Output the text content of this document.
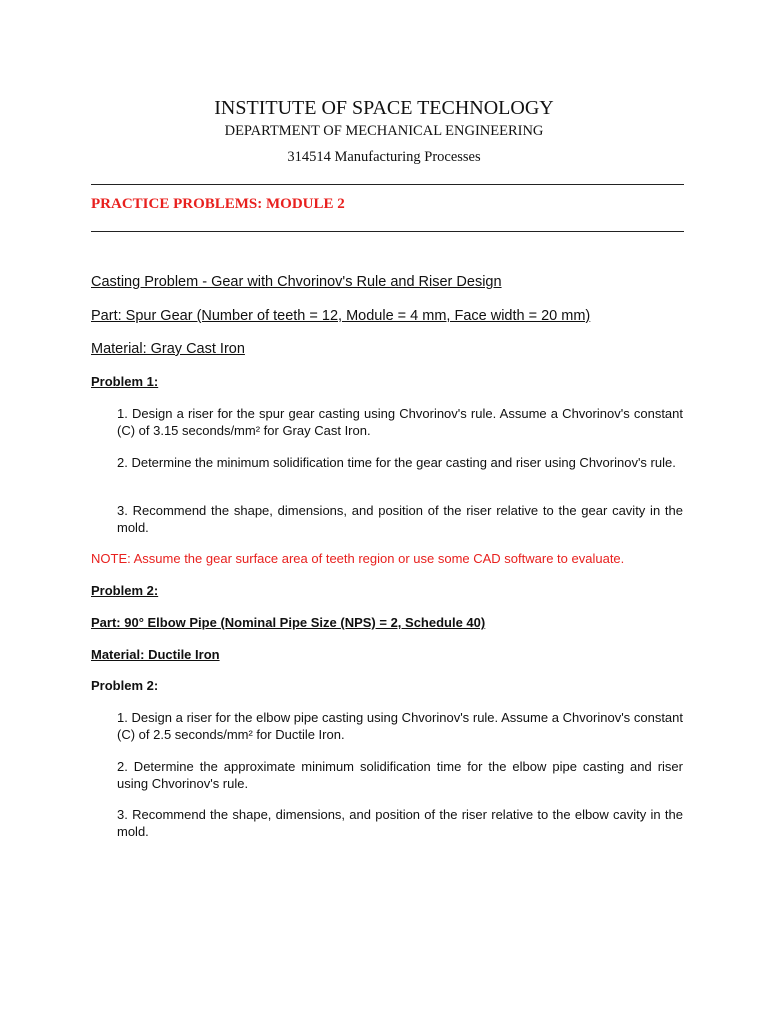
INSTITUTE OF SPACE TECHNOLOGY
DEPARTMENT OF MECHANICAL ENGINEERING
314514 Manufacturing Processes
PRACTICE PROBLEMS: MODULE 2
Casting Problem - Gear with Chvorinov's Rule and Riser Design
Part: Spur Gear (Number of teeth = 12, Module = 4 mm, Face width = 20 mm)
Material: Gray Cast Iron
Problem 1:
1. Design a riser for the spur gear casting using Chvorinov's rule. Assume a Chvorinov's constant (C) of 3.15 seconds/mm² for Gray Cast Iron.
2. Determine the minimum solidification time for the gear casting and riser using Chvorinov's rule.
3. Recommend the shape, dimensions, and position of the riser relative to the gear cavity in the mold.
NOTE: Assume the gear surface area of teeth region or use some CAD software to evaluate.
Problem 2:
Part: 90° Elbow Pipe (Nominal Pipe Size (NPS) = 2, Schedule 40)
Material: Ductile Iron
Problem 2:
1. Design a riser for the elbow pipe casting using Chvorinov's rule. Assume a Chvorinov's constant (C) of 2.5 seconds/mm² for Ductile Iron.
2. Determine the approximate minimum solidification time for the elbow pipe casting and riser using Chvorinov's rule.
3. Recommend the shape, dimensions, and position of the riser relative to the elbow cavity in the mold.
